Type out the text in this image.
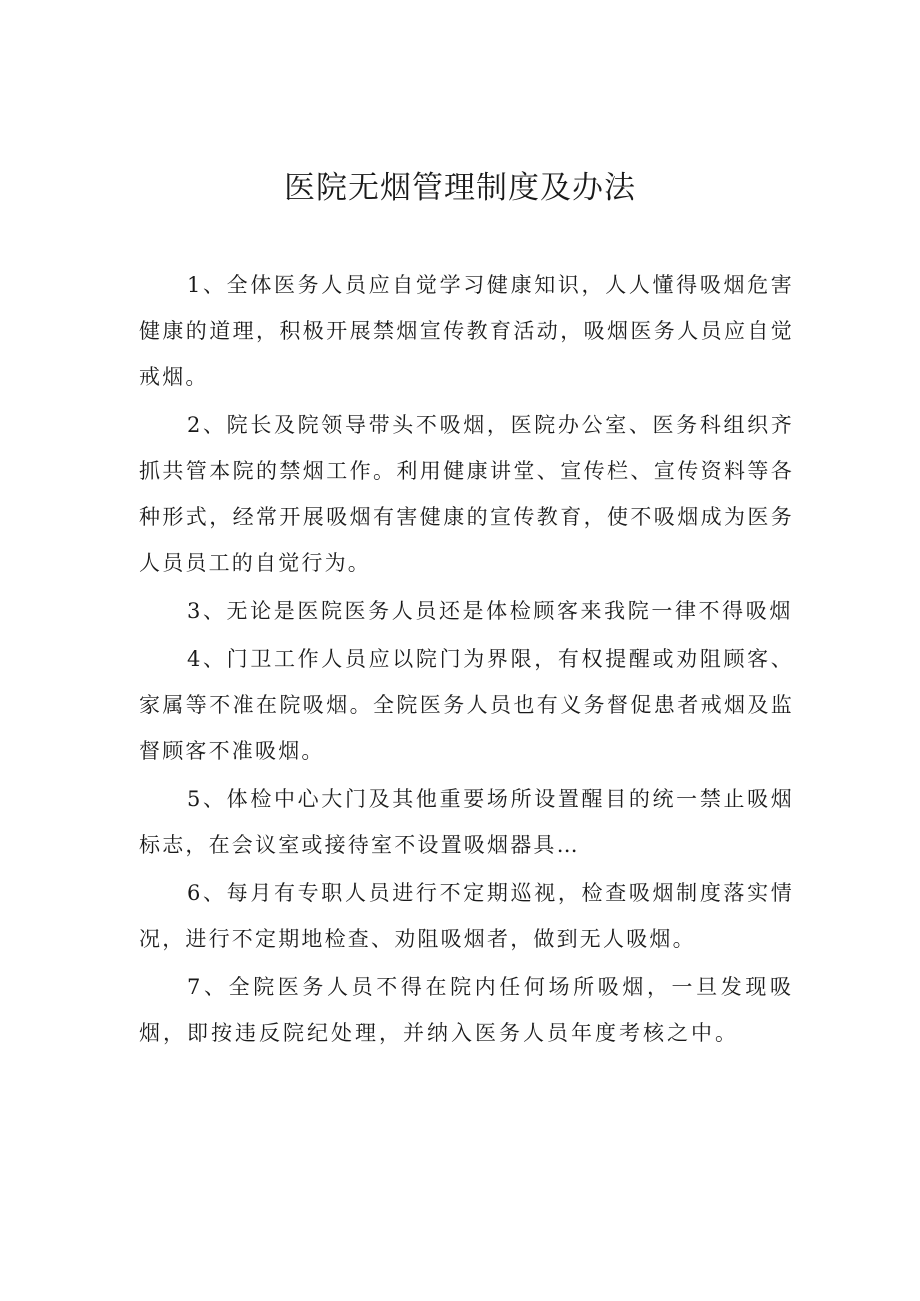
医院无烟管理制度及办法

1、全体医务人员应自觉学习健康知识，人人懂得吸烟危害健康的道理，积极开展禁烟宣传教育活动，吸烟医务人员应自觉戒烟。

2、院长及院领导带头不吸烟，医院办公室、医务科组织齐抓共管本院的禁烟工作。利用健康讲堂、宣传栏、宣传资料等各种形式，经常开展吸烟有害健康的宣传教育，使不吸烟成为医务人员员工的自觉行为。

3、无论是医院医务人员还是体检顾客来我院一律不得吸烟

4、门卫工作人员应以院门为界限，有权提醒或劝阻顾客、家属等不准在院吸烟。全院医务人员也有义务督促患者戒烟及监督顾客不准吸烟。

5、体检中心大门及其他重要场所设置醒目的统一禁止吸烟标志，在会议室或接待室不设置吸烟器具…

6、每月有专职人员进行不定期巡视，检查吸烟制度落实情况，进行不定期地检查、劝阻吸烟者，做到无人吸烟。

7、全院医务人员不得在院内任何场所吸烟，一旦发现吸烟，即按违反院纪处理，并纳入医务人员年度考核之中。
